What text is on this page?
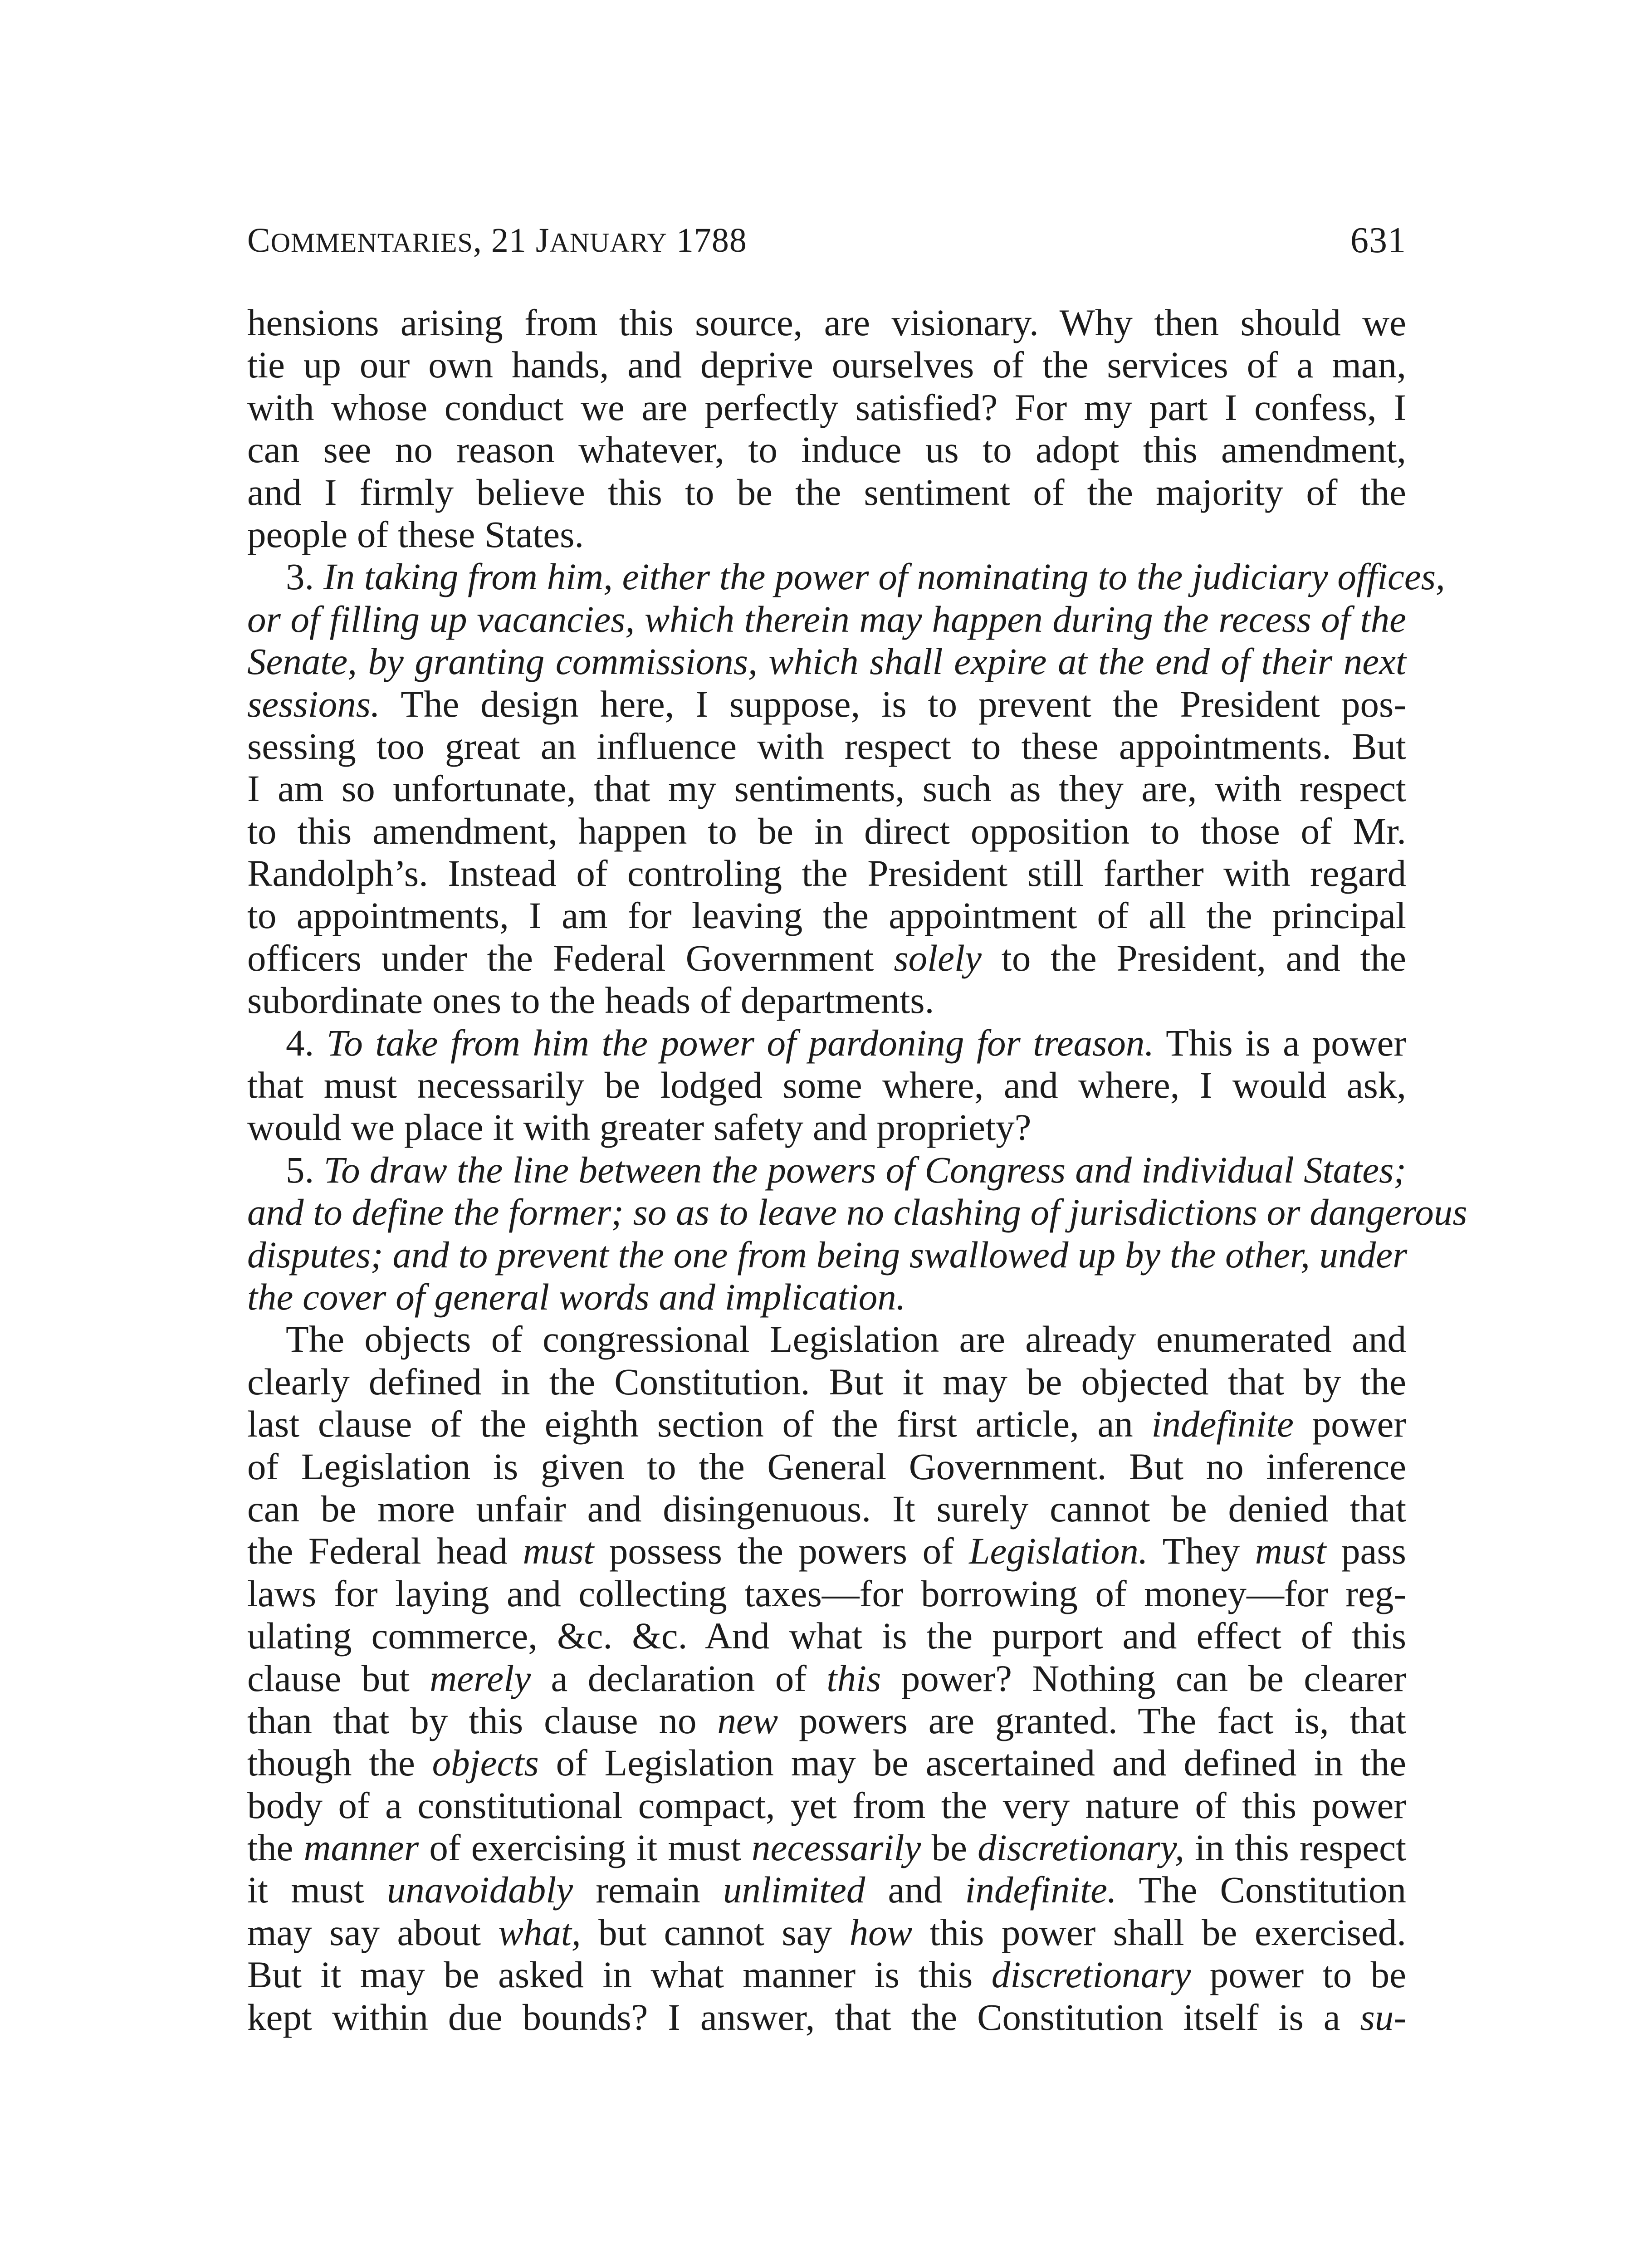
COMMENTARIES, 21 JANUARY 1788	631
hensions arising from this source, are visionary. Why then should we
tie up our own hands, and deprive ourselves of the services of a man,
with whose conduct we are perfectly satisfied? For my part I confess, I
can see no reason whatever, to induce us to adopt this amendment,
and I firmly believe this to be the sentiment of the majority of the
people of these States.
3. In taking from him, either the power of nominating to the judiciary offices,
or of filling up vacancies, which therein may happen during the recess of the
Senate, by granting commissions, which shall expire at the end of their next
sessions. The design here, I suppose, is to prevent the President pos-
sessing too great an influence with respect to these appointments. But
I am so unfortunate, that my sentiments, such as they are, with respect
to this amendment, happen to be in direct opposition to those of Mr.
Randolph’s. Instead of controling the President still farther with regard
to appointments, I am for leaving the appointment of all the principal
officers under the Federal Government solely to the President, and the
subordinate ones to the heads of departments.
4. To take from him the power of pardoning for treason. This is a power
that must necessarily be lodged some where, and where, I would ask,
would we place it with greater safety and propriety?
5. To draw the line between the powers of Congress and individual States;
and to define the former; so as to leave no clashing of jurisdictions or dangerous
disputes; and to prevent the one from being swallowed up by the other, under
the cover of general words and implication.
The objects of congressional Legislation are already enumerated and
clearly defined in the Constitution. But it may be objected that by the
last clause of the eighth section of the first article, an indefinite power
of Legislation is given to the General Government. But no inference
can be more unfair and disingenuous. It surely cannot be denied that
the Federal head must possess the powers of Legislation. They must pass
laws for laying and collecting taxes—for borrowing of money—for reg-
ulating commerce, &c. &c. And what is the purport and effect of this
clause but merely a declaration of this power? Nothing can be clearer
than that by this clause no new powers are granted. The fact is, that
though the objects of Legislation may be ascertained and defined in the
body of a constitutional compact, yet from the very nature of this power
the manner of exercising it must necessarily be discretionary, in this respect
it must unavoidably remain unlimited and indefinite. The Constitution
may say about what, but cannot say how this power shall be exercised.
But it may be asked in what manner is this discretionary power to be
kept within due bounds? I answer, that the Constitution itself is a su-
